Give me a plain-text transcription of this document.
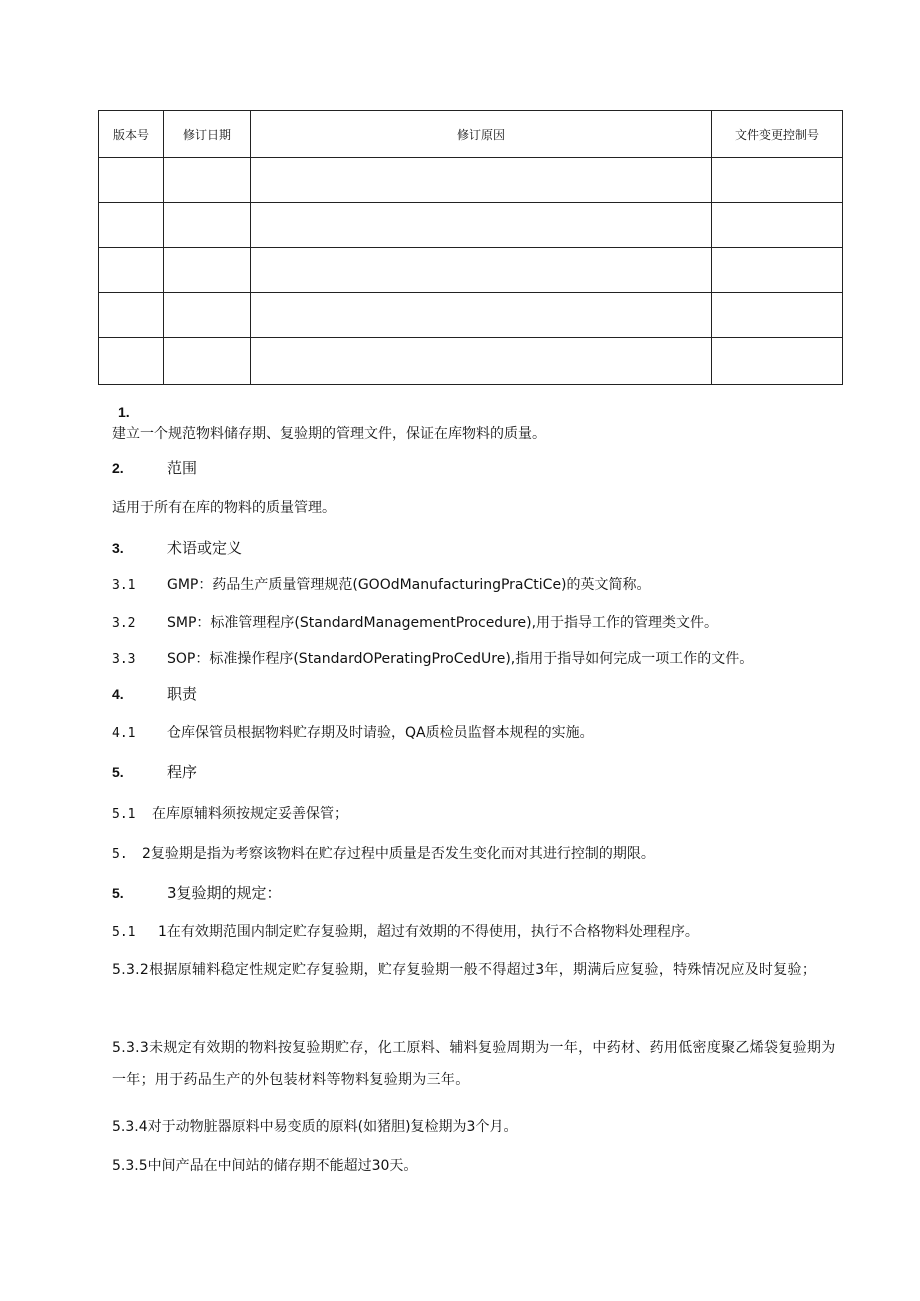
版本号	修订日期	修订原因	文件变更控制号

1.
建立一个规范物料储存期、复验期的管理文件，保证在库物料的质量。
2.	范围
适用于所有在库的物料的质量管理。
3.	术语或定义
3.1 GMP：药品生产质量管理规范(GOOdManufacturingPraCtiCe)的英文简称。
3.2 SMP：标准管理程序(StandardManagementProcedure),用于指导工作的管理类文件。
3.3 SOP：标准操作程序(StandardOPeratingProCedUre),指用于指导如何完成一项工作的文件。
4.	职责
4.1 仓库保管员根据物料贮存期及时请验，QA质检员监督本规程的实施。
5.	程序
5.1 在库原辅料须按规定妥善保管；
5. 2复验期是指为考察该物料在贮存过程中质量是否发生变化而对其进行控制的期限。
5.	3复验期的规定：
5.1 1在有效期范围内制定贮存复验期，超过有效期的不得使用，执行不合格物料处理程序。
5.3.2根据原辅料稳定性规定贮存复验期，贮存复验期一般不得超过3年，期满后应复验，特殊情况应及时复验；
5.3.3未规定有效期的物料按复验期贮存，化工原料、辅料复验周期为一年，中药材、药用低密度聚乙烯袋复验期为一年；用于药品生产的外包装材料等物料复验期为三年。
5.3.4对于动物脏器原料中易变质的原料(如猪胆)复检期为3个月。
5.3.5中间产品在中间站的储存期不能超过30天。
